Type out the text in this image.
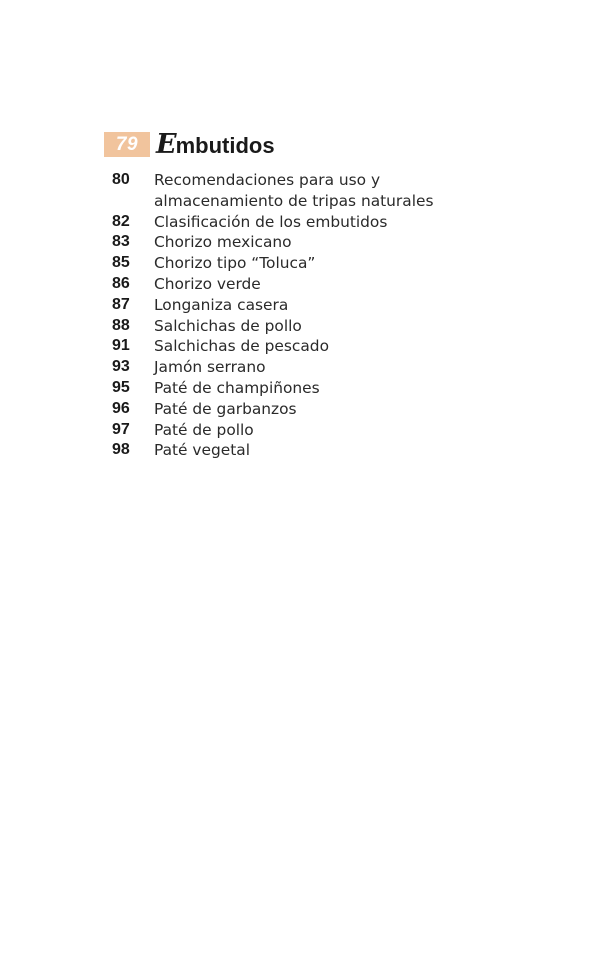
79 Embutidos
80	Recomendaciones para uso y almacenamiento de tripas naturales
82	Clasificación de los embutidos
83	Chorizo mexicano
85	Chorizo tipo “Toluca”
86	Chorizo verde
87	Longaniza casera
88	Salchichas de pollo
91	Salchichas de pescado
93	Jamón serrano
95	Paté de champiñones
96	Paté de garbanzos
97	Paté de pollo
98	Paté vegetal
